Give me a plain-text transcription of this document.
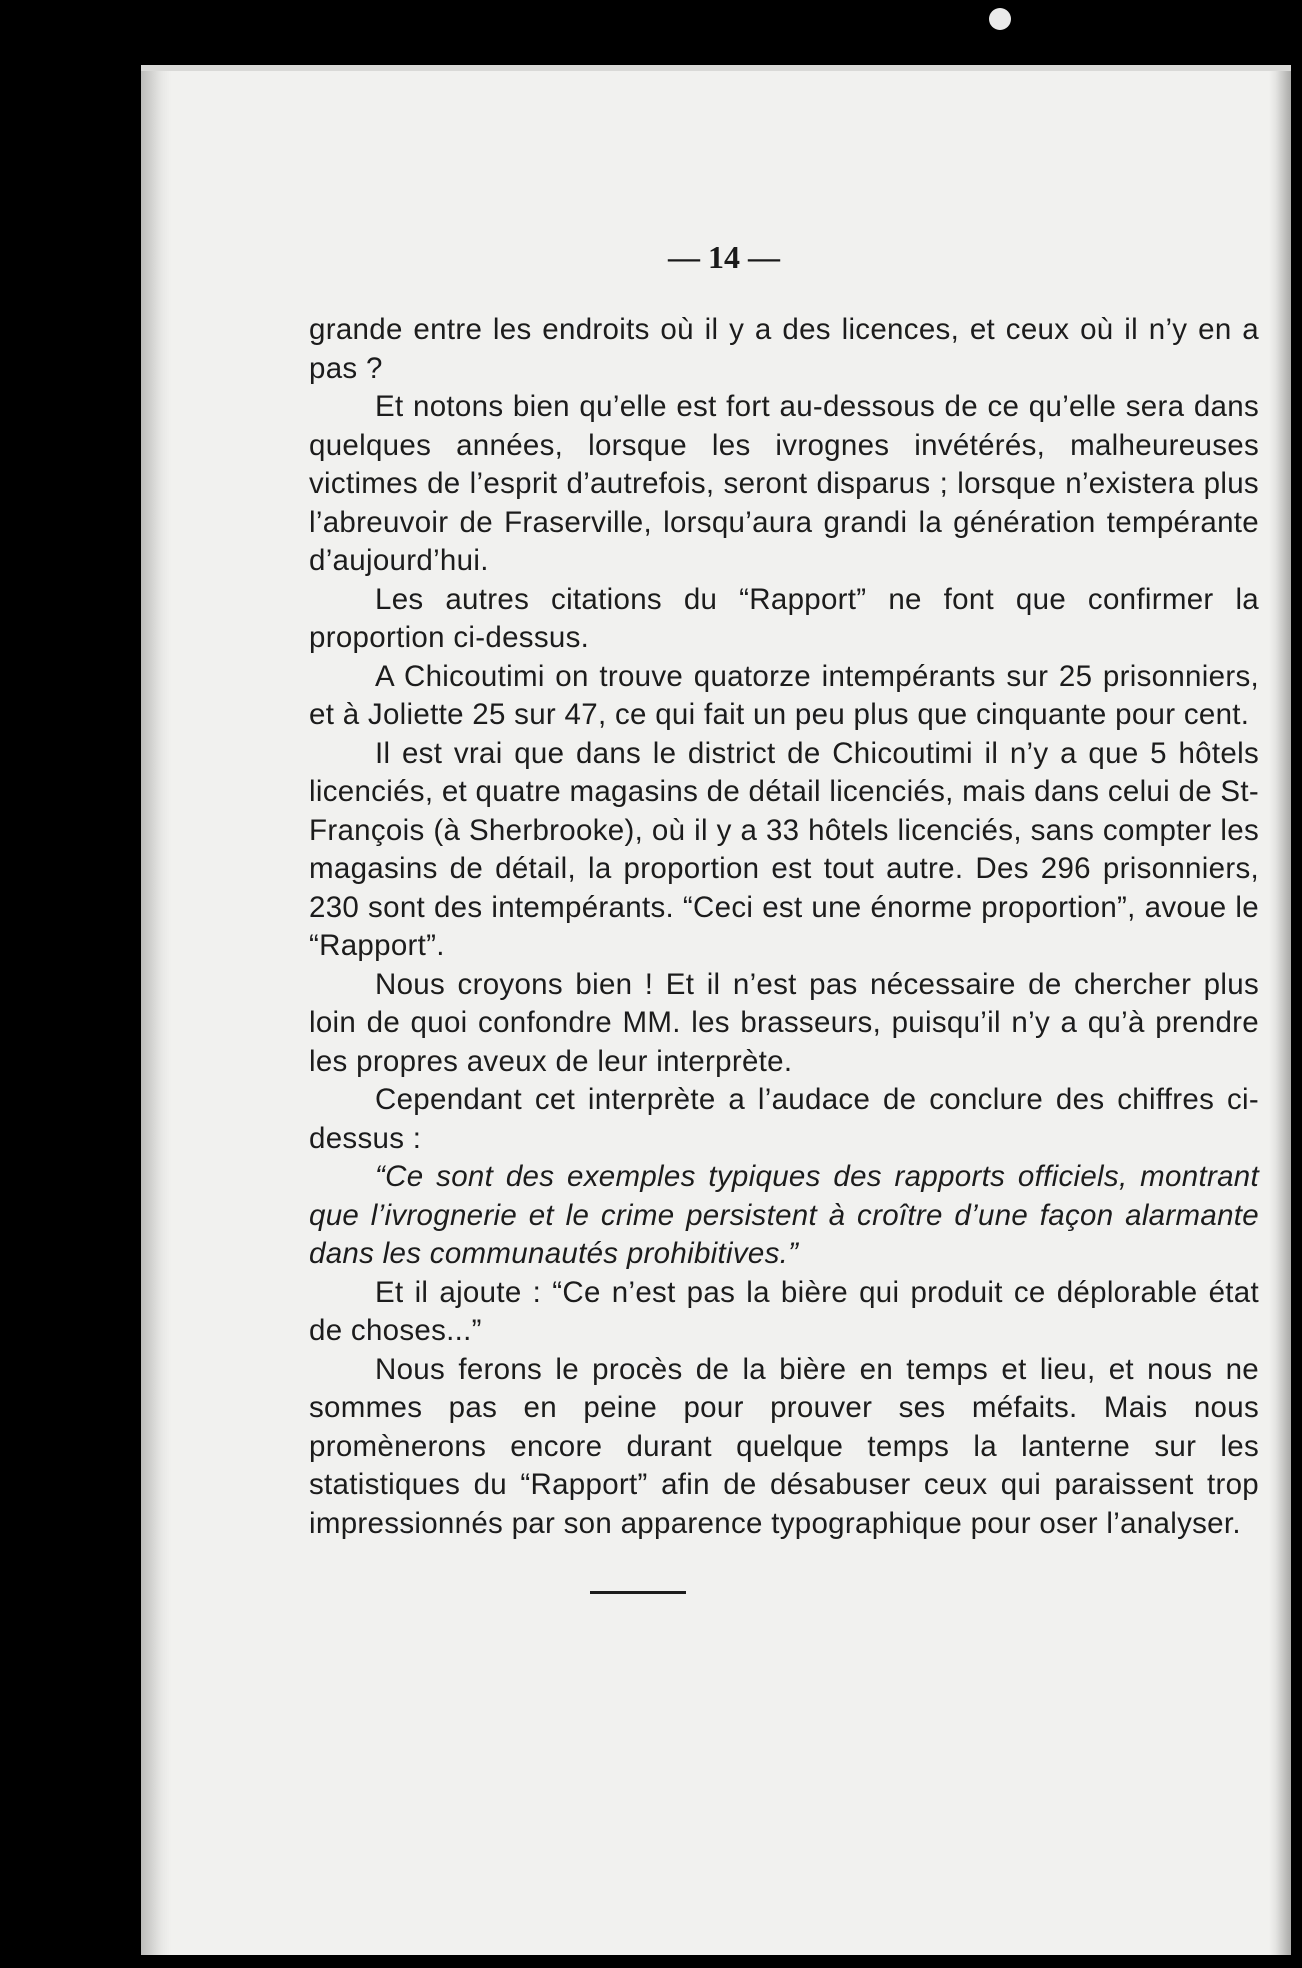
— 14 —

grande entre les endroits où il y a des licences, et ceux où il n’y en a pas ?

Et notons bien qu’elle est fort au-dessous de ce qu’elle sera dans quelques années, lorsque les ivrognes invétérés, malheureuses victimes de l’esprit d’autrefois, seront disparus ; lorsque n’existera plus l’abreuvoir de Fraserville, lorsqu’aura grandi la génération tempérante d’aujourd’hui.

Les autres citations du “Rapport” ne font que confirmer la proportion ci-dessus.

A Chicoutimi on trouve quatorze intempérants sur 25 prisonniers, et à Joliette 25 sur 47, ce qui fait un peu plus que cinquante pour cent.

Il est vrai que dans le district de Chicoutimi il n’y a que 5 hôtels licenciés, et quatre magasins de détail licenciés, mais dans celui de St-François (à Sherbrooke), où il y a 33 hôtels licenciés, sans compter les magasins de détail, la proportion est tout autre. Des 296 prisonniers, 230 sont des intempérants. “Ceci est une énorme proportion”, avoue le “Rapport”.

Nous croyons bien ! Et il n’est pas nécessaire de chercher plus loin de quoi confondre MM. les brasseurs, puisqu’il n’y a qu’à prendre les propres aveux de leur interprète.

Cependant cet interprète a l’audace de conclure des chiffres ci-dessus :

“Ce sont des exemples typiques des rapports officiels, montrant que l’ivrognerie et le crime persistent à croître d’une façon alarmante dans les communautés prohibitives.”

Et il ajoute : “Ce n’est pas la bière qui produit ce déplorable état de choses...”

Nous ferons le procès de la bière en temps et lieu, et nous ne sommes pas en peine pour prouver ses méfaits. Mais nous promènerons encore durant quelque temps la lanterne sur les statistiques du “Rapport” afin de désabuser ceux qui paraissent trop impressionnés par son apparence typographique pour oser l’analyser.
